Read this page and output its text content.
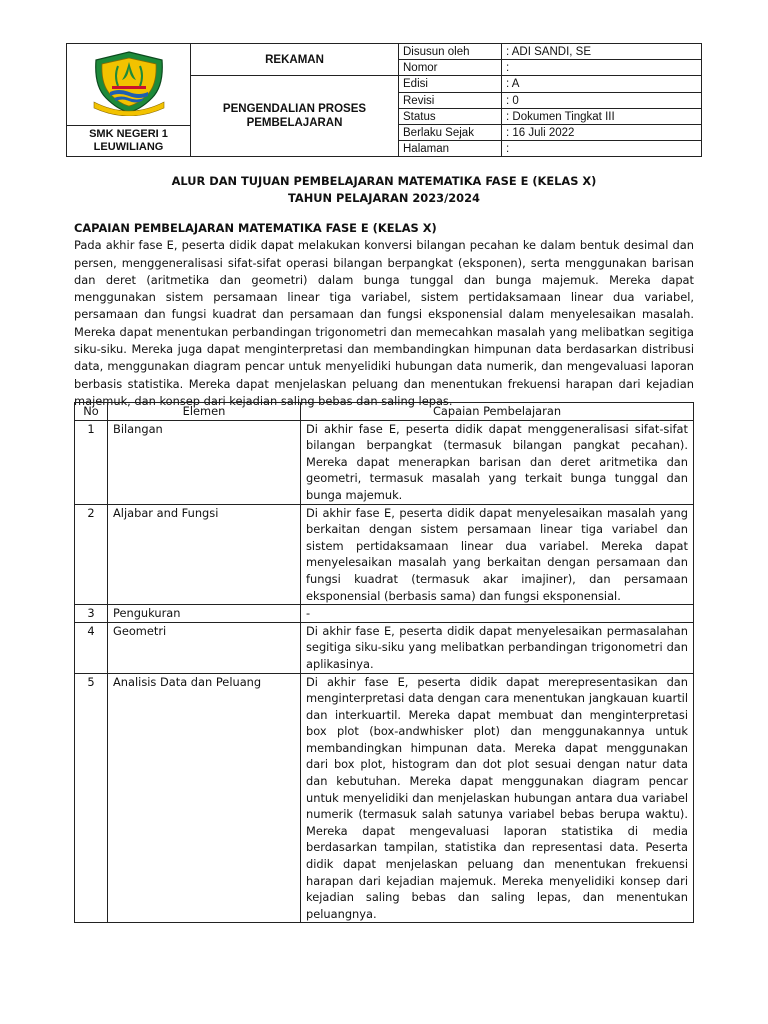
SMK NEGERI 1 LEUWILIANG	REKAMAN	Disusun oleh	: ADI SANDI, SE
		Nomor	:
	PENGENDALIAN PROSES PEMBELAJARAN	Edisi	: A
		Revisi	: 0
		Status	: Dokumen Tingkat III
		Berlaku Sejak	: 16 Juli 2022
		Halaman	:
ALUR DAN TUJUAN PEMBELAJARAN MATEMATIKA FASE E (KELAS X)
TAHUN PELAJARAN 2023/2024
CAPAIAN PEMBELAJARAN MATEMATIKA FASE E (KELAS X)

Pada akhir fase E, peserta didik dapat melakukan konversi bilangan pecahan ke dalam bentuk desimal dan persen, menggeneralisasi sifat-sifat operasi bilangan berpangkat (eksponen), serta menggunakan barisan dan deret (aritmetika dan geometri) dalam bunga tunggal dan bunga majemuk. Mereka dapat menggunakan sistem persamaan linear tiga variabel, sistem pertidaksamaan linear dua variabel, persamaan dan fungsi kuadrat dan persamaan dan fungsi eksponensial dalam menyelesaikan masalah. Mereka dapat menentukan perbandingan trigonometri dan memecahkan masalah yang melibatkan segitiga siku-siku. Mereka juga dapat menginterpretasi dan membandingkan himpunan data berdasarkan distribusi data, menggunakan diagram pencar untuk menyelidiki hubungan data numerik, dan mengevaluasi laporan berbasis statistika. Mereka dapat menjelaskan peluang dan menentukan frekuensi harapan dari kejadian majemuk, dan konsep dari kejadian saling bebas dan saling lepas.

No	Elemen	Capaian Pembelajaran
1	Bilangan	Di akhir fase E, peserta didik dapat menggeneralisasi sifat-sifat bilangan berpangkat (termasuk bilangan pangkat pecahan). Mereka dapat menerapkan barisan dan deret aritmetika dan geometri, termasuk masalah yang terkait bunga tunggal dan bunga majemuk.
2	Aljabar and Fungsi	Di akhir fase E, peserta didik dapat menyelesaikan masalah yang berkaitan dengan sistem persamaan linear tiga variabel dan sistem pertidaksamaan linear dua variabel. Mereka dapat menyelesaikan masalah yang berkaitan dengan persamaan dan fungsi kuadrat (termasuk akar imajiner), dan persamaan eksponensial (berbasis sama) dan fungsi eksponensial.
3	Pengukuran	-
4	Geometri	Di akhir fase E, peserta didik dapat menyelesaikan permasalahan segitiga siku-siku yang melibatkan perbandingan trigonometri dan aplikasinya.
5	Analisis Data dan Peluang	Di akhir fase E, peserta didik dapat merepresentasikan dan menginterpretasi data dengan cara menentukan jangkauan kuartil dan interkuartil. Mereka dapat membuat dan menginterpretasi box plot (box-andwhisker plot) dan menggunakannya untuk membandingkan himpunan data. Mereka dapat menggunakan dari box plot, histogram dan dot plot sesuai dengan natur data dan kebutuhan. Mereka dapat menggunakan diagram pencar untuk menyelidiki dan menjelaskan hubungan antara dua variabel numerik (termasuk salah satunya variabel bebas berupa waktu). Mereka dapat mengevaluasi laporan statistika di media berdasarkan tampilan, statistika dan representasi data. Peserta didik dapat menjelaskan peluang dan menentukan frekuensi harapan dari kejadian majemuk. Mereka menyelidiki konsep dari kejadian saling bebas dan saling lepas, dan menentukan peluangnya.
